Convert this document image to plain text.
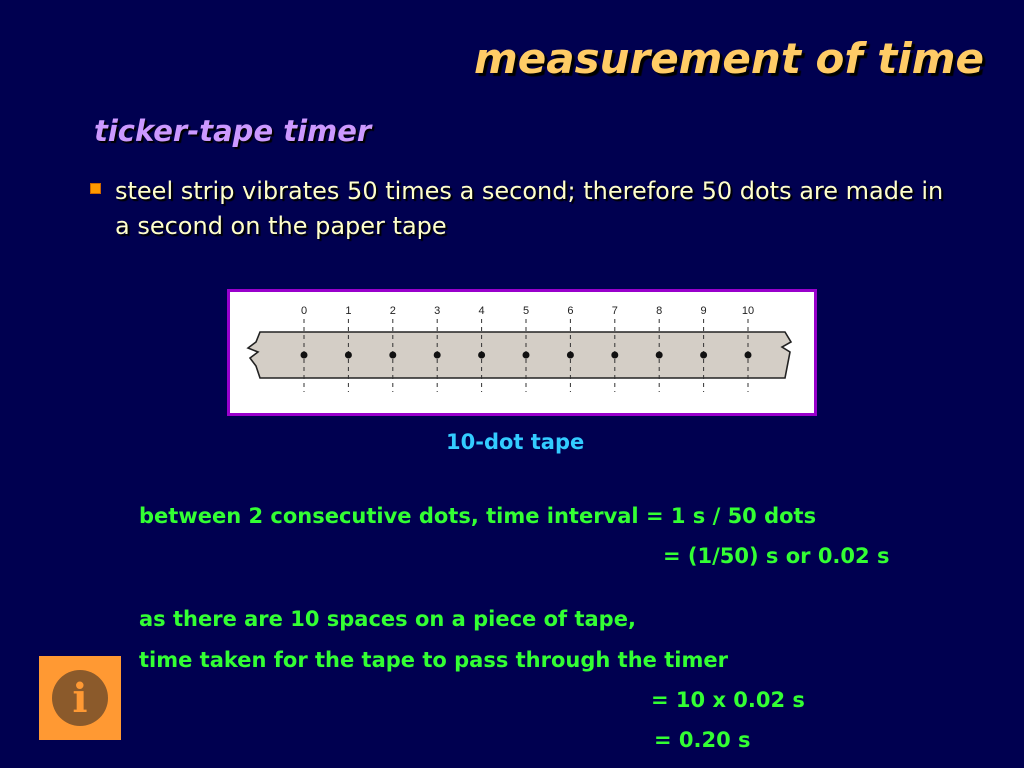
measurement of time
ticker-tape timer

steel strip vibrates 50 times a second; therefore 50 dots are made in a second on the paper tape

0	1	2	3	4	5	6	7	8	9	10

10-dot tape

between 2 consecutive dots, time interval = 1 s / 50 dots

= (1/50) s or 0.02 s

as there are 10 spaces on a piece of tape,

time taken for the tape to pass through the timer

= 10 x 0.02 s

= 0.20 s

i
